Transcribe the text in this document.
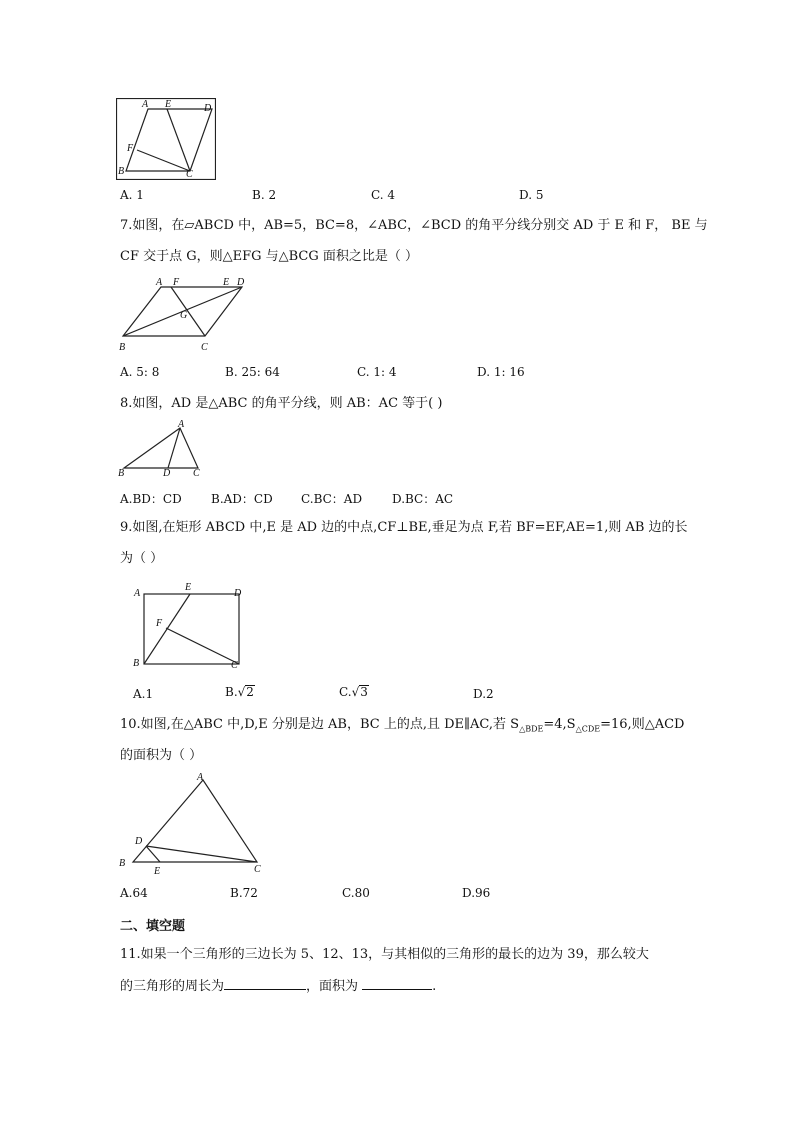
A E	D
F
B	C
A. 1	B. 2	C. 4	D. 5
7.如图，在▱ABCD 中，AB=5，BC=8，∠ABC，∠BCD 的角平分线分别交 AD 于 E 和 F， BE 与
CF 交于点 G，则△EFG 与△BCG 面积之比是（ ）
A F	E D
G
B	C
A. 5: 8	B. 25: 64	C. 1: 4	D. 1: 16
8.如图，AD 是△ABC 的角平分线，则 AB：AC 等于( )
A
B	D C
A.BD：CD B.AD：CD C.BC：AD D.BC：AC
9.如图,在矩形 ABCD 中,E 是 AD 边的中点,CF⊥BE,垂足为点 F,若 BF=EF,AE=1,则 AB 边的长
为（ ）
A
E
D
F
B	C
A.1	B.√2	C.√3	D.2
10.如图,在△ABC 中,D,E 分别是边 AB，BC 上的点,且 DE∥AC,若 $S_{\triangle BDE}=4,S_{\triangle CDE}=16$,则△ACD
的面积为（ ）
A
D
B
E	C
A.64	B.72	C.80	D.96
二、填空题
11.如果一个三角形的三边长为 5、12、13，与其相似的三角形的最长的边为 39，那么较大
的三角形的周长为	，面积为	.
